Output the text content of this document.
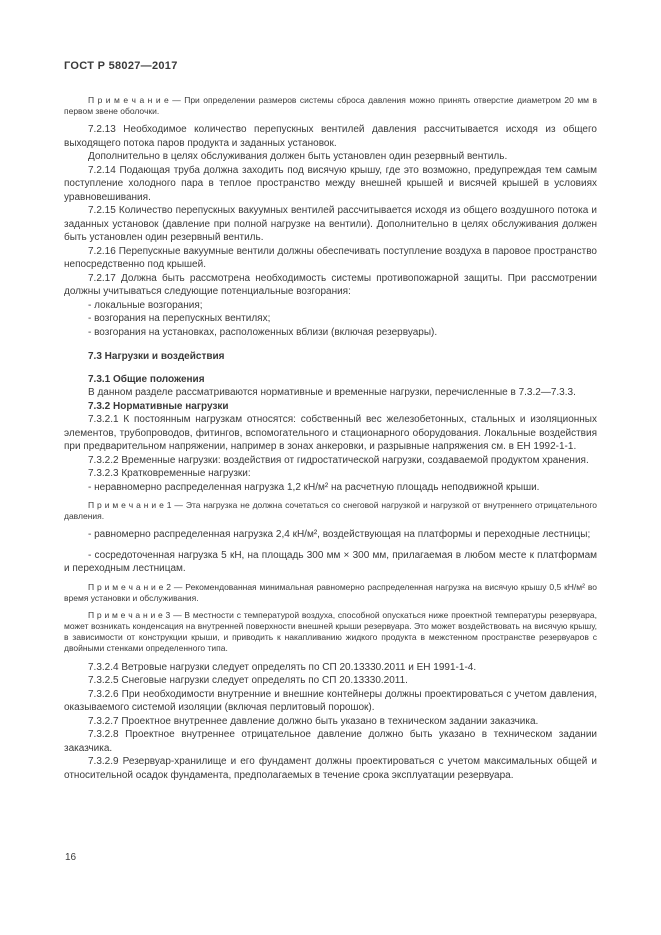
ГОСТ Р 58027—2017

П р и м е ч а н и е — При определении размеров системы сброса давления можно принять отверстие диаметром 20 мм в первом звене оболочки.

7.2.13 Необходимое количество перепускных вентилей давления рассчитывается исходя из общего выходящего потока паров продукта и заданных установок.

Дополнительно в целях обслуживания должен быть установлен один резервный вентиль.

7.2.14 Подающая труба должна заходить под висячую крышу, где это возможно, предупреждая тем самым поступление холодного пара в теплое пространство между внешней крышей и висячей крышей в условиях уравновешивания.

7.2.15 Количество перепускных вакуумных вентилей рассчитывается исходя из общего воздушного потока и заданных установок (давление при полной нагрузке на вентили). Дополнительно в целях обслуживания должен быть установлен один резервный вентиль.

7.2.16 Перепускные вакуумные вентили должны обеспечивать поступление воздуха в паровое пространство непосредственно под крышей.

7.2.17 Должна быть рассмотрена необходимость системы противопожарной защиты. При рассмотрении должны учитываться следующие потенциальные возгорания:

- локальные возгорания;

- возгорания на перепускных вентилях;

- возгорания на установках, расположенных вблизи (включая резервуары).

7.3 Нагрузки и воздействия

7.3.1 Общие положения

В данном разделе рассматриваются нормативные и временные нагрузки, перечисленные в 7.3.2—7.3.3.

7.3.2 Нормативные нагрузки

7.3.2.1 К постоянным нагрузкам относятся: собственный вес железобетонных, стальных и изоляционных элементов, трубопроводов, фитингов, вспомогательного и стационарного оборудования. Локальные воздействия при предварительном напряжении, например в зонах анкеровки, и разрывные напряжения см. в ЕН 1992-1-1.

7.3.2.2 Временные нагрузки: воздействия от гидростатической нагрузки, создаваемой продуктом хранения.

7.3.2.3 Кратковременные нагрузки:

- неравномерно распределенная нагрузка 1,2 кН/м² на расчетную площадь неподвижной крыши.

П р и м е ч а н и е 1 — Эта нагрузка не должна сочетаться со снеговой нагрузкой и нагрузкой от внутреннего отрицательного давления.

- равномерно распределенная нагрузка 2,4 кН/м², воздействующая на платформы и переходные лестницы;

- сосредоточенная нагрузка 5 кН, на площадь 300 мм × 300 мм, прилагаемая в любом месте к платформам и переходным лестницам.

П р и м е ч а н и е 2 — Рекомендованная минимальная равномерно распределенная нагрузка на висячую крышу 0,5 кН/м² во время установки и обслуживания.

П р и м е ч а н и е 3 — В местности с температурой воздуха, способной опускаться ниже проектной температуры резервуара, может возникать конденсация на внутренней поверхности внешней крыши резервуара. Это может воздействовать на висячую крышу, в зависимости от конструкции крыши, и приводить к накапливанию жидкого продукта в межстенном пространстве резервуаров с двойными стенками определенного типа.

7.3.2.4 Ветровые нагрузки следует определять по СП 20.13330.2011 и ЕН 1991-1-4.

7.3.2.5 Снеговые нагрузки следует определять по СП 20.13330.2011.

7.3.2.6 При необходимости внутренние и внешние контейнеры должны проектироваться с учетом давления, оказываемого системой изоляции (включая перлитовый порошок).

7.3.2.7 Проектное внутреннее давление должно быть указано в техническом задании заказчика.

7.3.2.8 Проектное внутреннее отрицательное давление должно быть указано в техническом задании заказчика.

7.3.2.9 Резервуар-хранилище и его фундамент должны проектироваться с учетом максимальных общей и относительной осадок фундамента, предполагаемых в течение срока эксплуатации резервуара.

16
